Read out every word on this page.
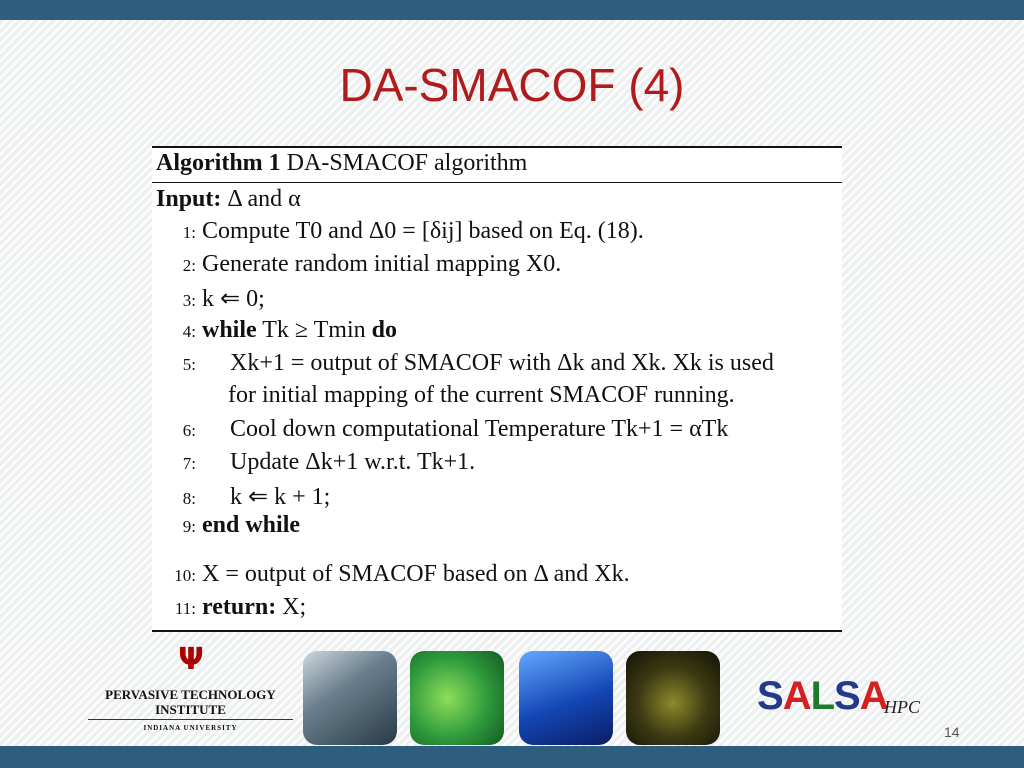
DA-SMACOF (4)
Algorithm 1 DA-SMACOF algorithm
Input: Δ and α
1: Compute T0 and Δ0 = [δij] based on Eq. (18).
2: Generate random initial mapping X0.
3: k ⇐ 0;
4: while Tk ≥ Tmin do
5: Xk+1 = output of SMACOF with Δk and Xk. Xk is used
for initial mapping of the current SMACOF running.
6: Cool down computational Temperature Tk+1 = αTk
7: Update Δk+1 w.r.t. Tk+1.
8: k ⇐ k + 1;
9: end while
10: X = output of SMACOF based on Δ and Xk.
11: return: X;
Ψ
PERVASIVE TECHNOLOGY
INSTITUTE
INDIANA UNIVERSITY
SALSA
HPC
14
